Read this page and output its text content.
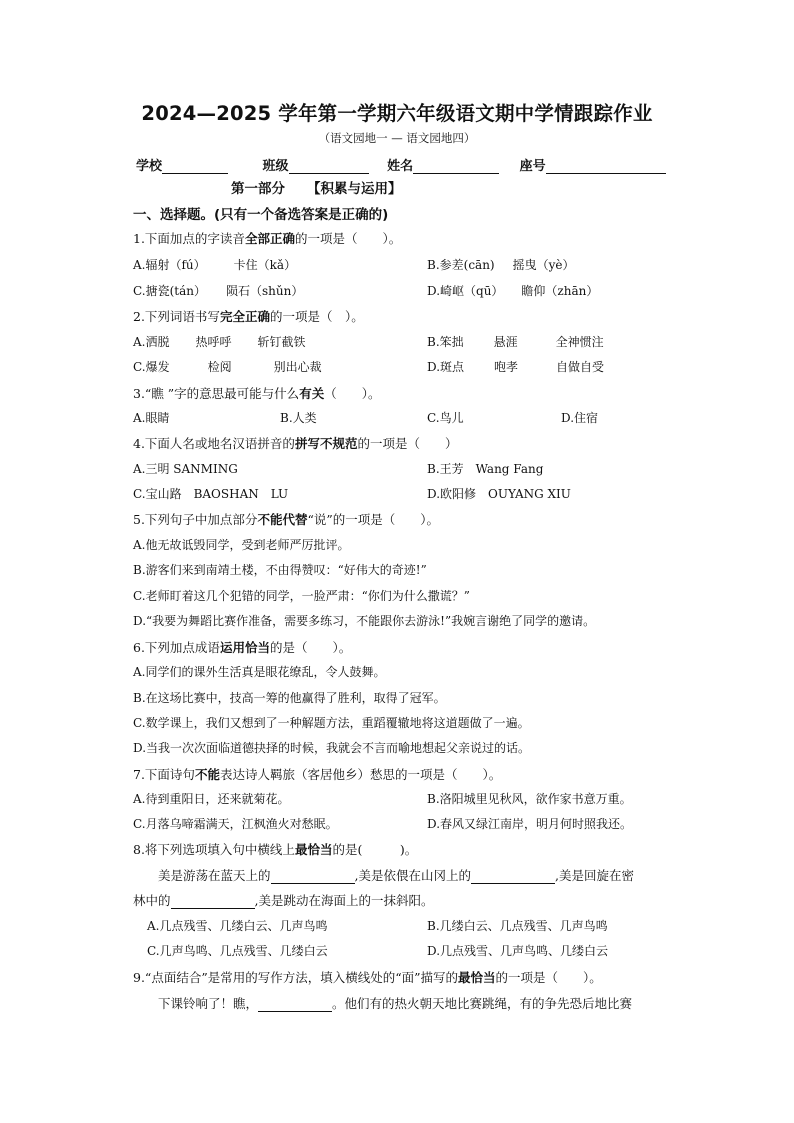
2024—2025 学年第一学期六年级语文期中学情跟踪作业
（语文园地一 — 语文园地四）
学校	班级	姓名	座号
第一部分 【积累与运用】
一、选择题。(只有一个备选答案是正确的)
1.下面加点的字读音全部正确的一项是（　　）。
A.辐射（fú） 卡住（kǎ）	B.参差(cān) 摇曳（yè）
C.搪瓷(tán） 陨石（shǔn）	D.崎岖（qū） 瞻仰（zhān）
2.下列词语书写完全正确的一项是（　）。
A.洒脱 热呼呼 斩钉截铁	B.笨拙	悬涯	全神惯注
C.爆发	检阅	别出心裁	D.斑点	咆孝	自做自受
3.“瞧 ”字的意思最可能与什么有关（　　）。
A.眼睛	B.人类	C.鸟儿	D.住宿
4.下面人名或地名汉语拼音的拼写不规范的一项是（　　）
A.三明 SANMING	B.王芳　Wang Fang
C.宝山路　BAOSHAN　LU	D.欧阳修　OUYANG XIU
5.下列句子中加点部分不能代替“说”的一项是（　　）。
A.他无故诋毁同学，受到老师严厉批评。
B.游客们来到南靖土楼，不由得赞叹：“好伟大的奇迹!”
C.老师盯着这几个犯错的同学，一脸严肃：“你们为什么撒谎？”
D.“我要为舞蹈比赛作准备，需要多练习，不能跟你去游泳!”我婉言谢绝了同学的邀请。
6.下列加点成语运用恰当的是（　　）。
A.同学们的课外生活真是眼花缭乱，令人鼓舞。
B.在这场比赛中，技高一筹的他赢得了胜利，取得了冠军。
C.数学课上，我们又想到了一种解题方法，重蹈覆辙地将这道题做了一遍。
D.当我一次次面临道德抉择的时候，我就会不言而喻地想起父亲说过的话。
7.下面诗句不能表达诗人羁旅（客居他乡）愁思的一项是（　　）。
A.待到重阳日，还来就菊花。	B.洛阳城里见秋风，欲作家书意万重。
C.月落乌啼霜满天，江枫渔火对愁眠。	D.春风又绿江南岸，明月何时照我还。
8.将下列选项填入句中横线上最恰当的是(　　　)。
美是游荡在蓝天上的	,美是依偎在山冈上的	,美是回旋在密
林中的	,美是跳动在海面上的一抹斜阳。
A.几点残雪、几缕白云、几声鸟鸣	B.几缕白云、几点残雪、几声鸟鸣
C.几声鸟鸣、几点残雪、几缕白云	D.几点残雪、几声鸟鸣、几缕白云
9.“点面结合”是常用的写作方法，填入横线处的“面”描写的最恰当的一项是（　　）。
下课铃响了！瞧，	。他们有的热火朝天地比赛跳绳，有的争先恐后地比赛
